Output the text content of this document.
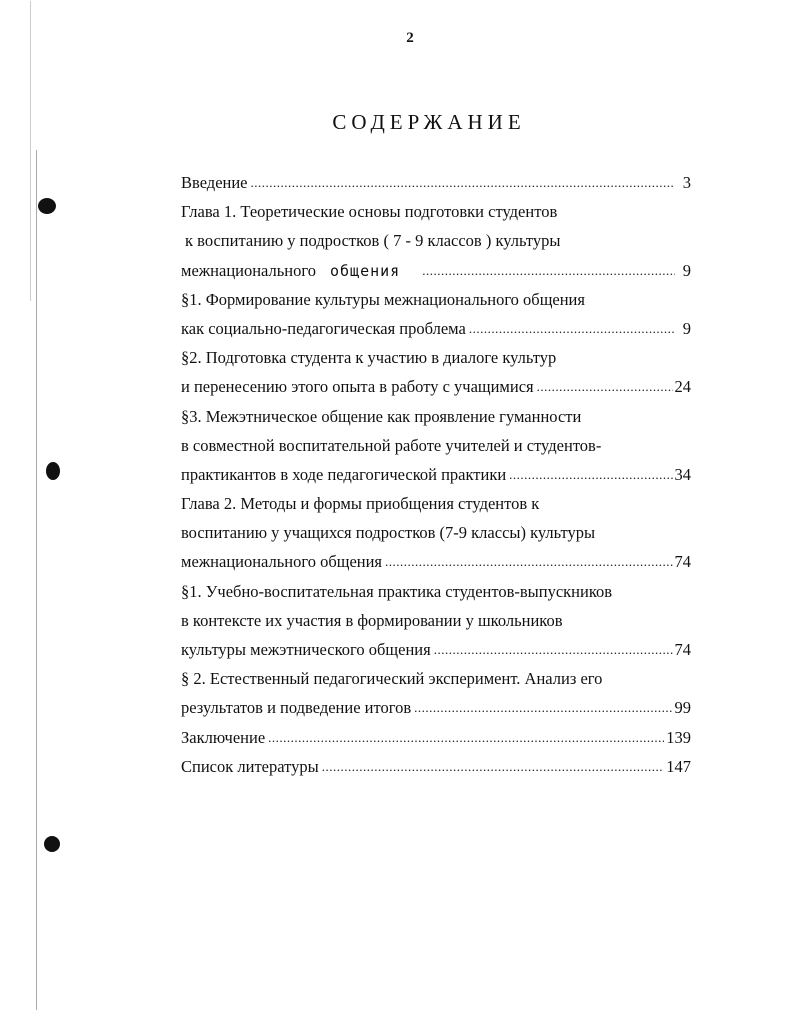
2
СОДЕРЖАНИЕ
Введение .....	3
Глава 1. Теоретические основы подготовки студентов
к воспитанию у подростков ( 7 - 9 классов ) культуры
межнационального общения .....	9
§1. Формирование культуры межнационального общения
как социально-педагогическая проблема .....	9
§2. Подготовка студента к участию в диалоге культур
и перенесению этого опыта в работу с учащимися .....	24
§3. Межэтническое общение как проявление гуманности
в совместной воспитательной работе учителей и студентов-
практикантов в ходе педагогической практики .....	34
Глава 2. Методы и формы приобщения студентов к
воспитанию у учащихся подростков (7-9 классы) культуры
межнационального общения .....	74
§1. Учебно-воспитательная практика студентов-выпускников
в контексте их участия в формировании у школьников
культуры межэтнического общения .....	74
§ 2. Естественный педагогический эксперимент. Анализ его
результатов и подведение итогов .....	99
Заключение .....	139
Список литературы .....	147
